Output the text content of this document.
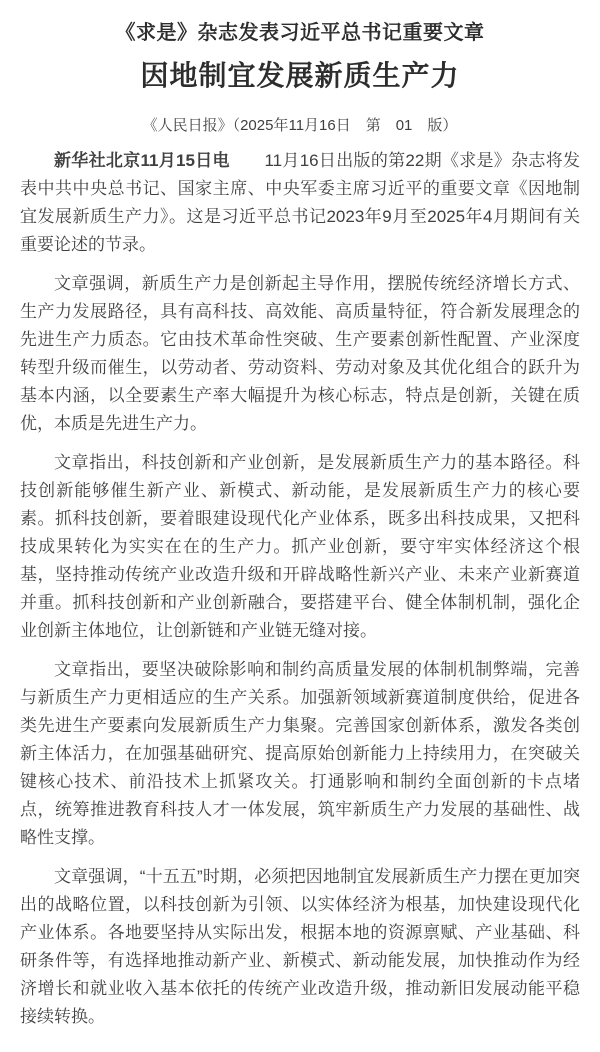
《求是》杂志发表习近平总书记重要文章
因地制宜发展新质生产力
《人民日报》（2025年11月16日　第　01　版）

新华社北京11月15日电　　11月16日出版的第22期《求是》杂志将发表中共中央总书记、国家主席、中央军委主席习近平的重要文章《因地制宜发展新质生产力》。这是习近平总书记2023年9月至2025年4月期间有关重要论述的节录。

文章强调，新质生产力是创新起主导作用，摆脱传统经济增长方式、生产力发展路径，具有高科技、高效能、高质量特征，符合新发展理念的先进生产力质态。它由技术革命性突破、生产要素创新性配置、产业深度转型升级而催生，以劳动者、劳动资料、劳动对象及其优化组合的跃升为基本内涵，以全要素生产率大幅提升为核心标志，特点是创新，关键在质优，本质是先进生产力。

文章指出，科技创新和产业创新，是发展新质生产力的基本路径。科技创新能够催生新产业、新模式、新动能，是发展新质生产力的核心要素。抓科技创新，要着眼建设现代化产业体系，既多出科技成果，又把科技成果转化为实实在在的生产力。抓产业创新，要守牢实体经济这个根基，坚持推动传统产业改造升级和开辟战略性新兴产业、未来产业新赛道并重。抓科技创新和产业创新融合，要搭建平台、健全体制机制，强化企业创新主体地位，让创新链和产业链无缝对接。

文章指出，要坚决破除影响和制约高质量发展的体制机制弊端，完善与新质生产力更相适应的生产关系。加强新领域新赛道制度供给，促进各类先进生产要素向发展新质生产力集聚。完善国家创新体系，激发各类创新主体活力，在加强基础研究、提高原始创新能力上持续用力，在突破关键核心技术、前沿技术上抓紧攻关。打通影响和制约全面创新的卡点堵点，统筹推进教育科技人才一体发展，筑牢新质生产力发展的基础性、战略性支撑。

文章强调，“十五五”时期，必须把因地制宜发展新质生产力摆在更加突出的战略位置，以科技创新为引领、以实体经济为根基，加快建设现代化产业体系。各地要坚持从实际出发，根据本地的资源禀赋、产业基础、科研条件等，有选择地推动新产业、新模式、新动能发展，加快推动作为经济增长和就业收入基本依托的传统产业改造升级，推动新旧发展动能平稳接续转换。
